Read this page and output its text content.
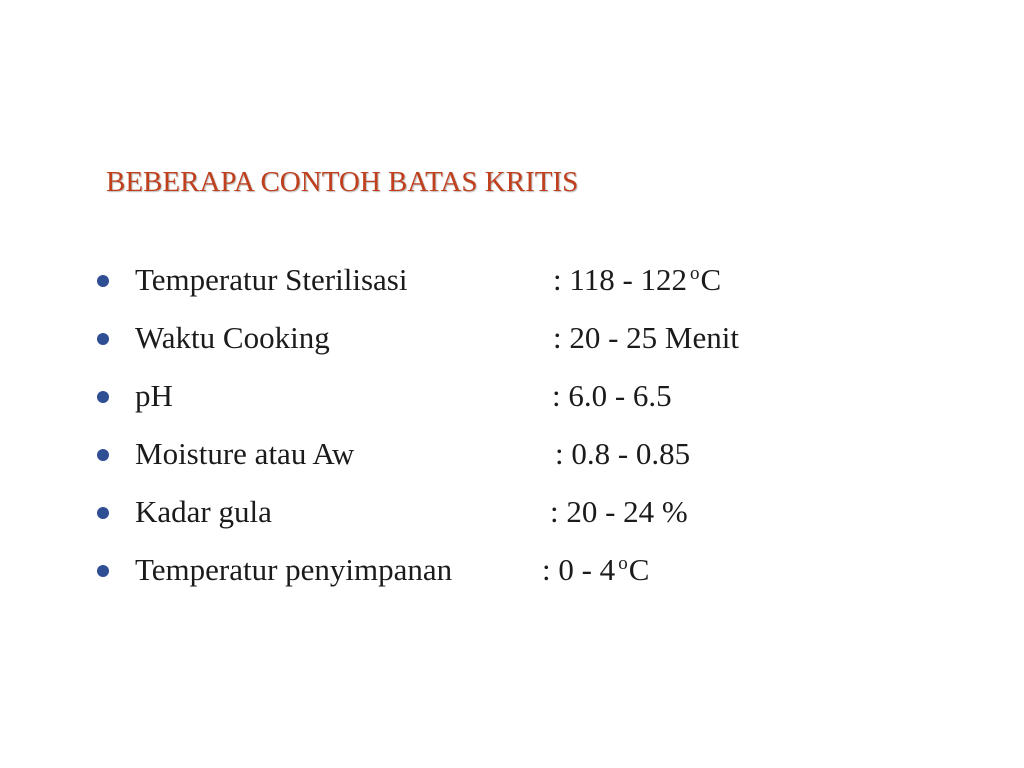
BEBERAPA CONTOH BATAS KRITIS
Temperatur Sterilisasi	: 118 - 122 $^o$C
Waktu Cooking	: 20 - 25 Menit
pH	: 6.0 - 6.5
Moisture atau Aw	: 0.8 - 0.85
Kadar gula	: 20 - 24 %
Temperatur penyimpanan	: 0 - 4 $^o$C
